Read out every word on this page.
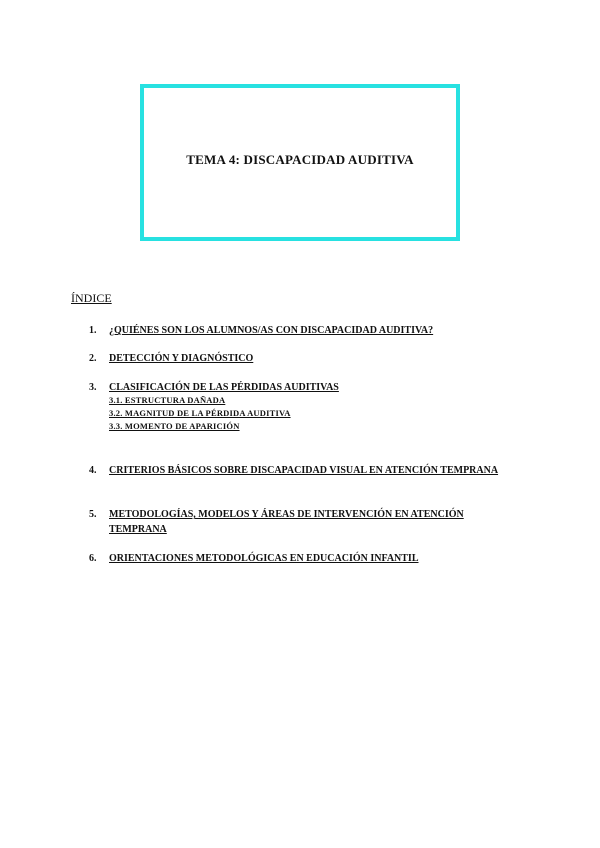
TEMA 4: DISCAPACIDAD AUDITIVA
ÍNDICE
1.	¿QUIÉNES SON LOS ALUMNOS/AS CON DISCAPACIDAD AUDITIVA?
2.	DETECCIÓN Y DIAGNÓSTICO
3.	CLASIFICACIÓN DE LAS PÉRDIDAS AUDITIVAS
3.1. ESTRUCTURA DAÑADA
3.2. MAGNITUD DE LA PÉRDIDA AUDITIVA
3.3. MOMENTO DE APARICIÓN
4.	CRITERIOS BÁSICOS SOBRE DISCAPACIDAD VISUAL EN ATENCIÓN TEMPRANA
5.	METODOLOGÍAS, MODELOS Y ÁREAS DE INTERVENCIÓN EN ATENCIÓN TEMPRANA
6.	ORIENTACIONES METODOLÓGICAS EN EDUCACIÓN INFANTIL
